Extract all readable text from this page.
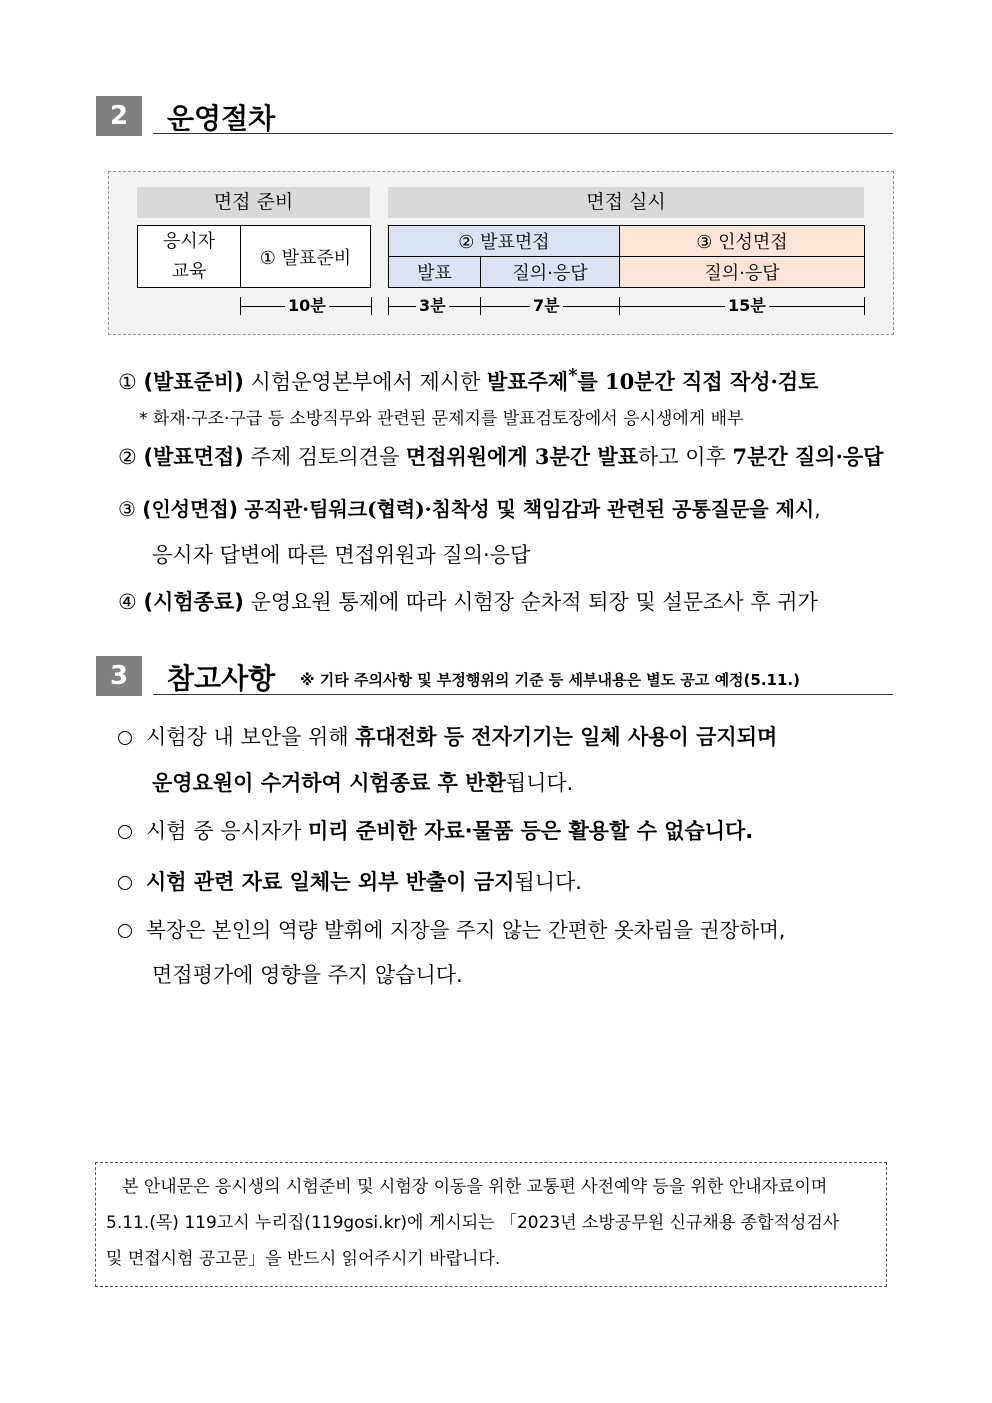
2	운영절차
면접 준비	면접 실시
응시자
교육
① 발표준비
② 발표면접	③ 인성면접
발표	질의·응답	질의·응답
10분	3분	7분	15분
① (발표준비) 시험운영본부에서 제시한 발표주제*를 10분간 직접 작성·검토
* 화재·구조·구급 등 소방직무와 관련된 문제지를 발표검토장에서 응시생에게 배부
② (발표면접) 주제 검토의견을 면접위원에게 3분간 발표하고 이후 7분간 질의·응답
③ (인성면접) 공직관·팀워크(협력)·침착성 및 책임감과 관련된 공통질문을 제시,
응시자 답변에 따른 면접위원과 질의·응답
④ (시험종료) 운영요원 통제에 따라 시험장 순차적 퇴장 및 설문조사 후 귀가
3	참고사항 ※ 기타 주의사항 및 부정행위의 기준 등 세부내용은 별도 공고 예정(5.11.)
시험장 내 보안을 위해 휴대전화 등 전자기기는 일체 사용이 금지되며
운영요원이 수거하여 시험종료 후 반환됩니다.
시험 중 응시자가 미리 준비한 자료·물품 등은 활용할 수 없습니다.
시험 관련 자료 일체는 외부 반출이 금지됩니다.
복장은 본인의 역량 발휘에 지장을 주지 않는 간편한 옷차림을 권장하며,
면접평가에 영향을 주지 않습니다.
본 안내문은 응시생의 시험준비 및 시험장 이동을 위한 교통편 사전예약 등을 위한 안내자료이며
5.11.(목) 119고시 누리집(119gosi.kr)에 게시되는 「2023년 소방공무원 신규채용 종합적성검사
및 면접시험 공고문」을 반드시 읽어주시기 바랍니다.
